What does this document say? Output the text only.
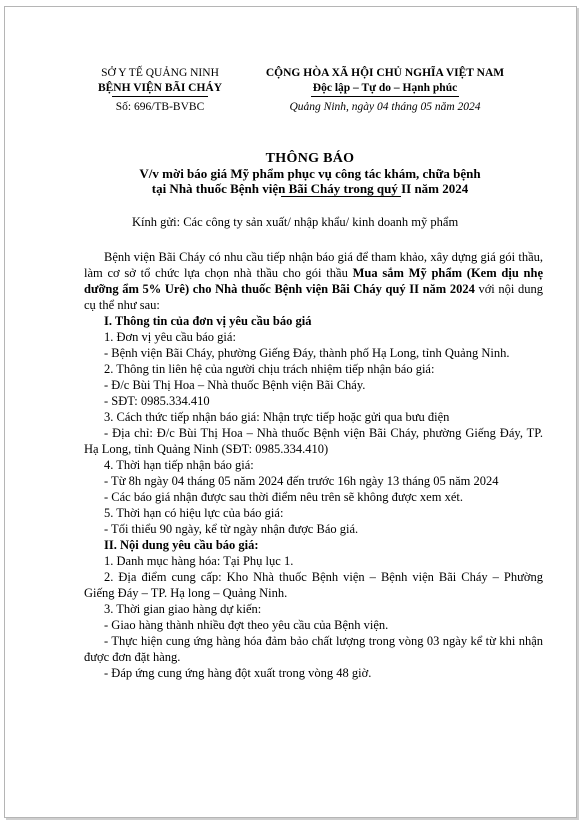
SỞ Y TẾ QUẢNG NINH
BỆNH VIỆN BÃI CHÁY
Số: 696/TB-BVBC
CỘNG HÒA XÃ HỘI CHỦ NGHĨA VIỆT NAM
Độc lập – Tự do – Hạnh phúc
Quảng Ninh, ngày 04 tháng 05 năm 2024
THÔNG BÁO
V/v mời báo giá Mỹ phẩm phục vụ công tác khám, chữa bệnh
tại Nhà thuốc Bệnh viện Bãi Cháy trong quý II năm 2024
Kính gửi: Các công ty sản xuất/ nhập khẩu/ kinh doanh mỹ phẩm

Bệnh viện Bãi Cháy có nhu cầu tiếp nhận báo giá để tham khảo, xây dựng giá gói thầu, làm cơ sở tổ chức lựa chọn nhà thầu cho gói thầu Mua sắm Mỹ phẩm (Kem dịu nhẹ dưỡng ẩm 5% Urê) cho Nhà thuốc Bệnh viện Bãi Cháy quý II năm 2024 với nội dung cụ thể như sau:

I. Thông tin của đơn vị yêu cầu báo giá

1. Đơn vị yêu cầu báo giá:

- Bệnh viện Bãi Cháy, phường Giếng Đáy, thành phố Hạ Long, tỉnh Quảng Ninh.

2. Thông tin liên hệ của người chịu trách nhiệm tiếp nhận báo giá:

- Đ/c Bùi Thị Hoa – Nhà thuốc Bệnh viện Bãi Cháy.

- SĐT: 0985.334.410

3. Cách thức tiếp nhận báo giá: Nhận trực tiếp hoặc gửi qua bưu điện

- Địa chỉ: Đ/c Bùi Thị Hoa – Nhà thuốc Bệnh viện Bãi Cháy, phường Giếng Đáy, TP. Hạ Long, tỉnh Quảng Ninh (SĐT: 0985.334.410)

4. Thời hạn tiếp nhận báo giá:

- Từ 8h ngày 04 tháng 05 năm 2024 đến trước 16h ngày 13 tháng 05 năm 2024

- Các báo giá nhận được sau thời điểm nêu trên sẽ không được xem xét.

5. Thời hạn có hiệu lực của báo giá:

- Tối thiểu 90 ngày, kể từ ngày nhận được Báo giá.

II. Nội dung yêu cầu báo giá:

1. Danh mục hàng hóa: Tại Phụ lục 1.

2. Địa điểm cung cấp: Kho Nhà thuốc Bệnh viện – Bệnh viện Bãi Cháy – Phường Giếng Đáy – TP. Hạ long – Quảng Ninh.

3. Thời gian giao hàng dự kiến:

- Giao hàng thành nhiều đợt theo yêu cầu của Bệnh viện.

- Thực hiện cung ứng hàng hóa đảm bảo chất lượng trong vòng 03 ngày kể từ khi nhận được đơn đặt hàng.

- Đáp ứng cung ứng hàng đột xuất trong vòng 48 giờ.
